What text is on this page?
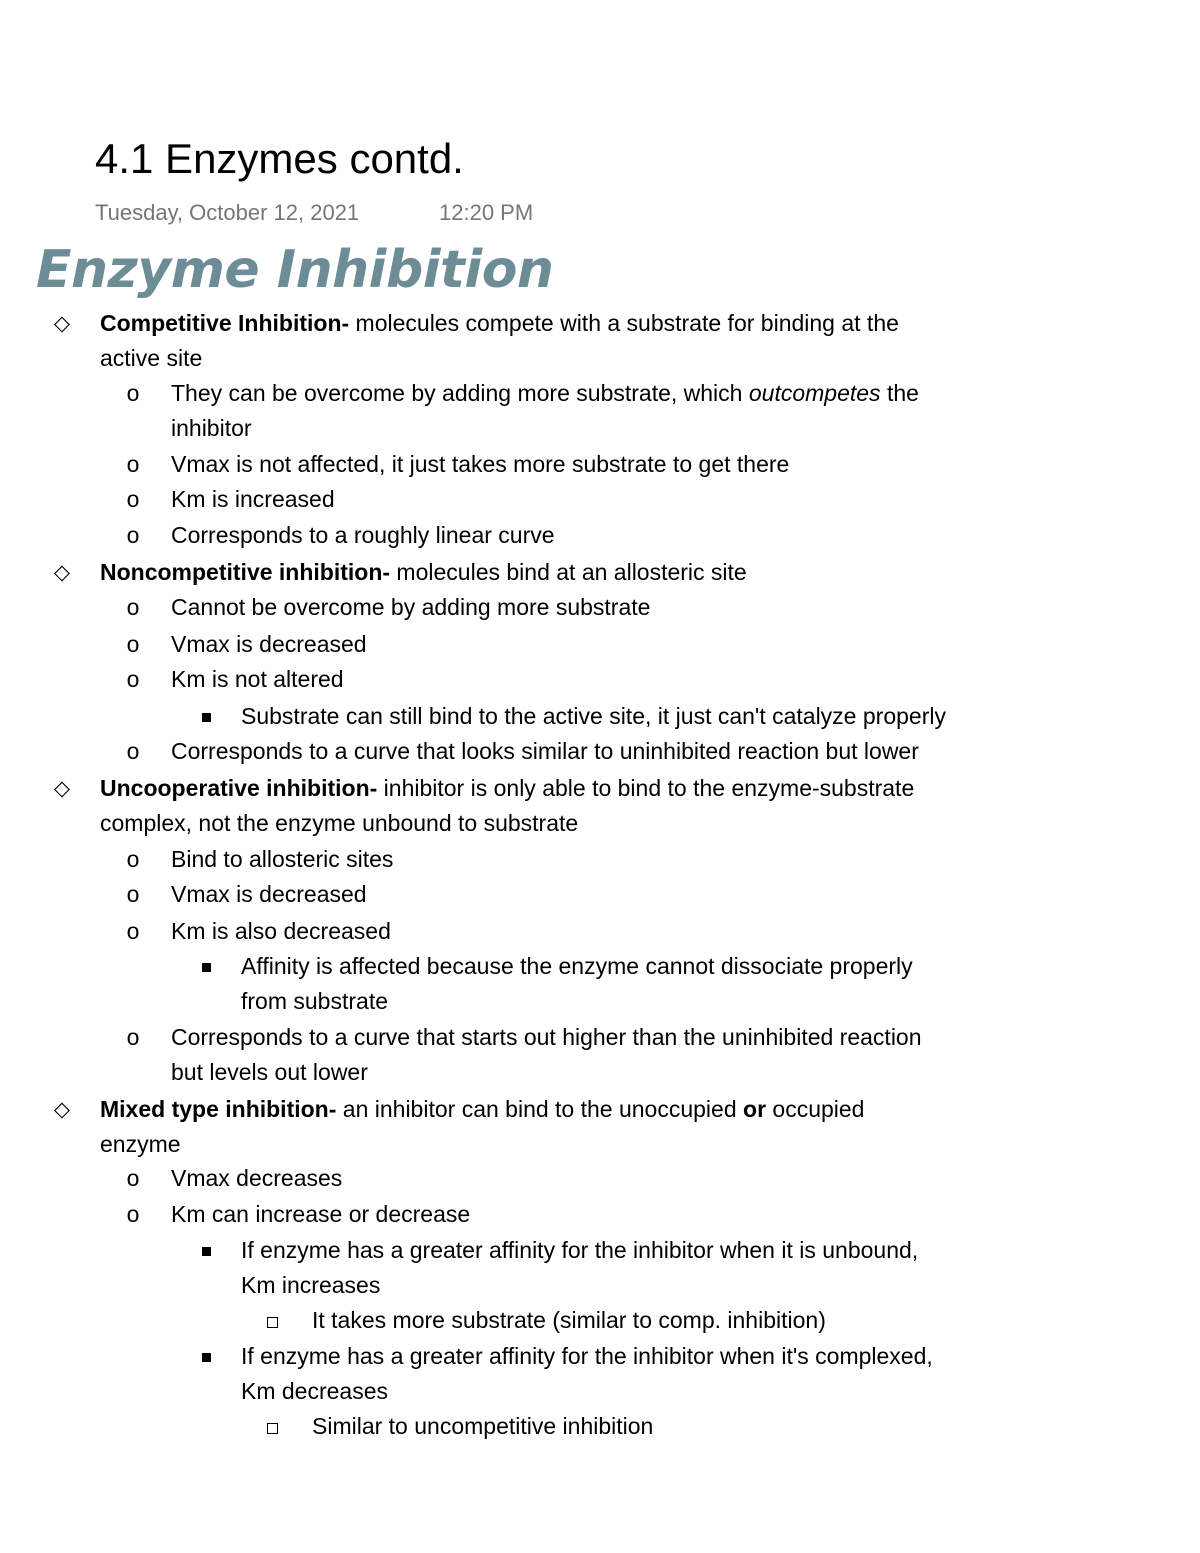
4.1 Enzymes contd.
Tuesday, October 12, 2021	12:20 PM
Enzyme Inhibition
◇ Competitive Inhibition- molecules compete with a substrate for binding at the
active site
o They can be overcome by adding more substrate, which outcompetes the
inhibitor
o Vmax is not affected, it just takes more substrate to get there
o Km is increased
o Corresponds to a roughly linear curve
◇ Noncompetitive inhibition- molecules bind at an allosteric site
o Cannot be overcome by adding more substrate
o Vmax is decreased
o Km is not altered
Substrate can still bind to the active site, it just can't catalyze properly
o Corresponds to a curve that looks similar to uninhibited reaction but lower
◇ Uncooperative inhibition- inhibitor is only able to bind to the enzyme-substrate
complex, not the enzyme unbound to substrate
o Bind to allosteric sites
o Vmax is decreased
o Km is also decreased
Affinity is affected because the enzyme cannot dissociate properly
from substrate
o Corresponds to a curve that starts out higher than the uninhibited reaction
but levels out lower
◇ Mixed type inhibition- an inhibitor can bind to the unoccupied or occupied
enzyme
o Vmax decreases
o Km can increase or decrease
If enzyme has a greater affinity for the inhibitor when it is unbound,
Km increases
It takes more substrate (similar to comp. inhibition)
If enzyme has a greater affinity for the inhibitor when it's complexed,
Km decreases
Similar to uncompetitive inhibition
